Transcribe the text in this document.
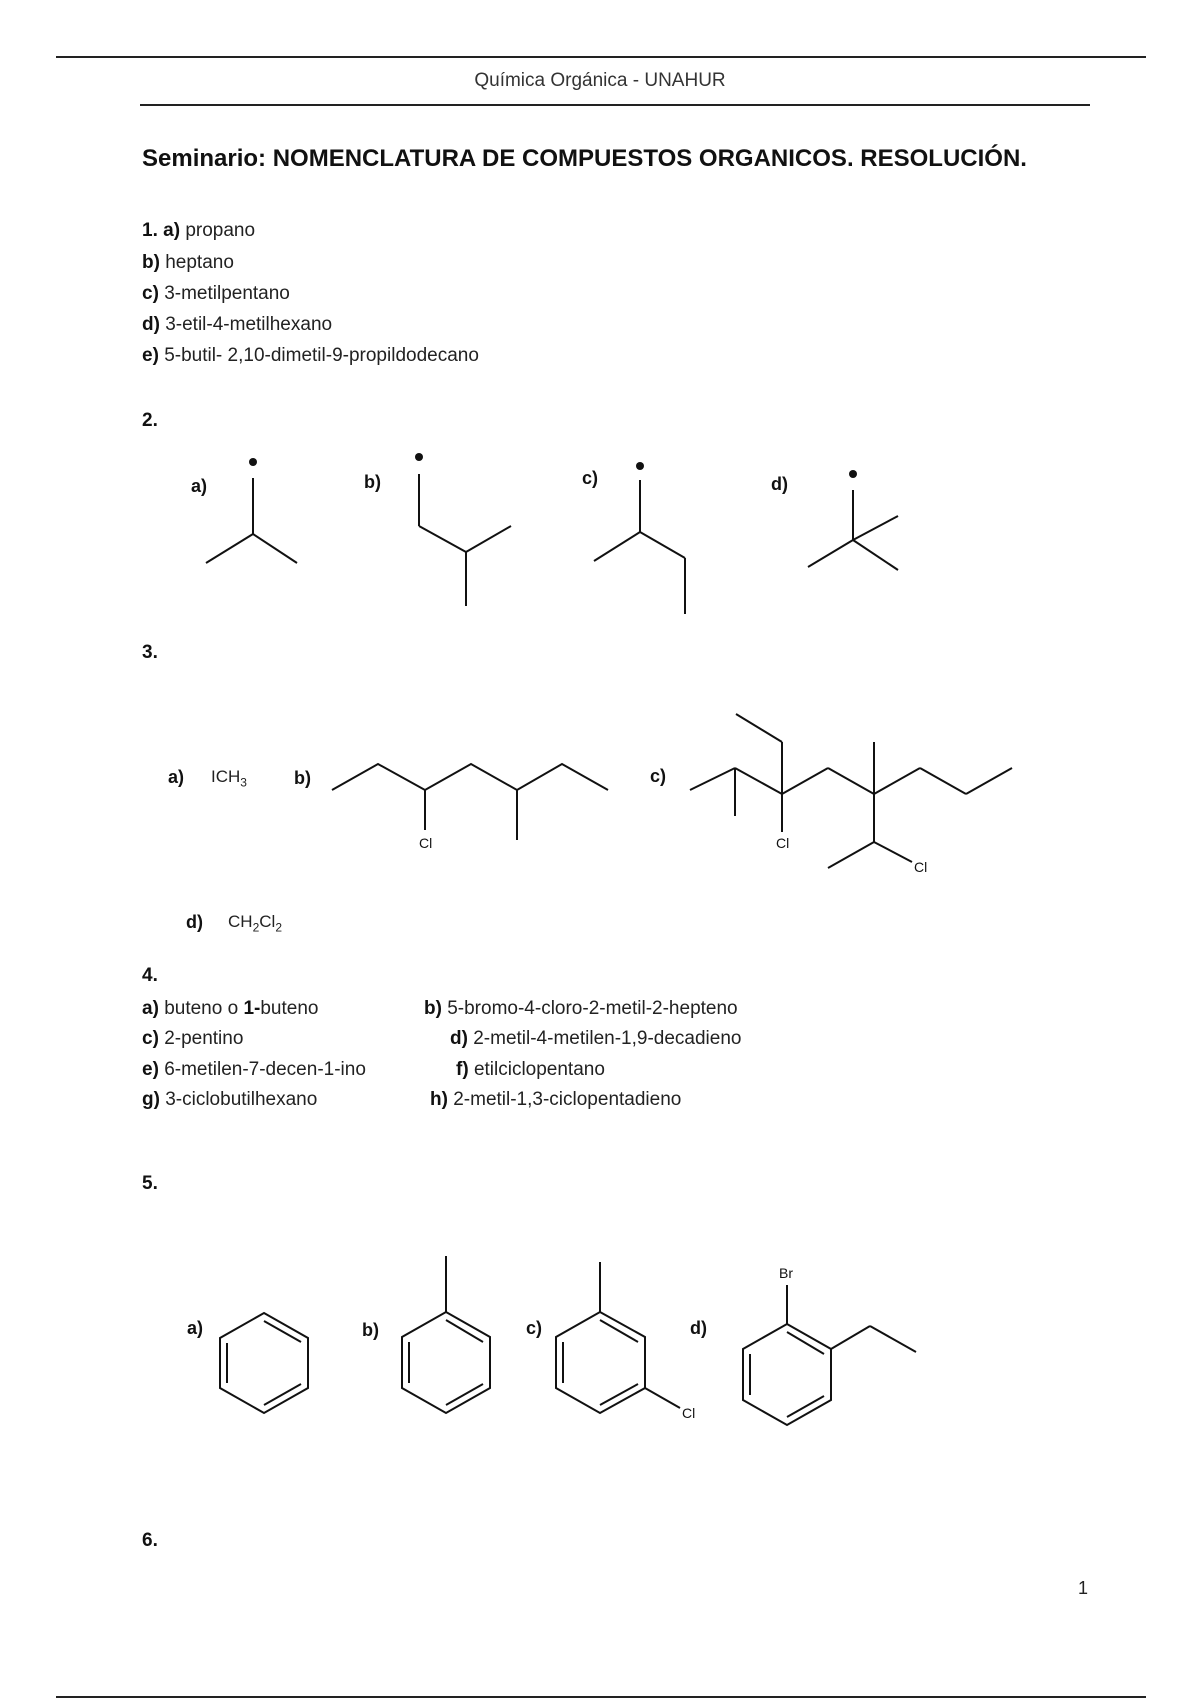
Química Orgánica - UNAHUR
Seminario: NOMENCLATURA DE COMPUESTOS ORGANICOS. RESOLUCIÓN.
1. a) propano
b) heptano
c) 3-metilpentano
d) 3-etil-4-metilhexano
e) 5-butil- 2,10-dimetil-9-propildodecano
2.
a)	b)	c)	d)
3.
a) $ICH_3$	b)	c)
d) $CH_2Cl_2$
Cl	Cl
Cl
4.
a) buteno o 1-buteno	b) 5-bromo-4-cloro-2-metil-2-hepteno
c) 2-pentino	d) 2-metil-4-metilen-1,9-decadieno
e) 6-metilen-7-decen-1-ino	f) etilciclopentano
g) 3-ciclobutilhexano	h) 2-metil-1,3-ciclopentadieno
5.
a)	b)	c)	d)
Cl
Br
6.
1
